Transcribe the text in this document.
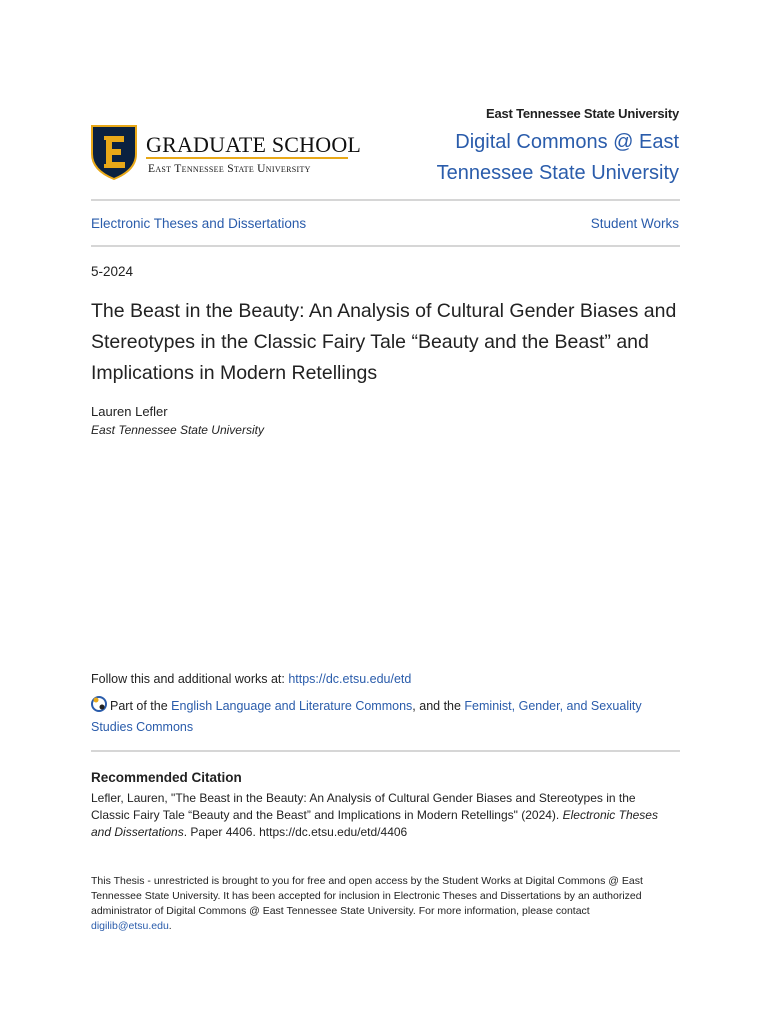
GRADUATE SCHOOL
East Tennessee State University
East Tennessee State University
Digital Commons @ East
Tennessee State University
Electronic Theses and Dissertations	Student Works
5-2024
The Beast in the Beauty: An Analysis of Cultural Gender Biases and Stereotypes in the Classic Fairy Tale “Beauty and the Beast” and Implications in Modern Retellings
Lauren Lefler
East Tennessee State University
Follow this and additional works at: https://dc.etsu.edu/etd
Part of the English Language and Literature Commons, and the Feminist, Gender, and Sexuality Studies Commons
Recommended Citation
Lefler, Lauren, "The Beast in the Beauty: An Analysis of Cultural Gender Biases and Stereotypes in the Classic Fairy Tale “Beauty and the Beast” and Implications in Modern Retellings" (2024). Electronic Theses and Dissertations. Paper 4406. https://dc.etsu.edu/etd/4406
This Thesis - unrestricted is brought to you for free and open access by the Student Works at Digital Commons @ East Tennessee State University. It has been accepted for inclusion in Electronic Theses and Dissertations by an authorized administrator of Digital Commons @ East Tennessee State University. For more information, please contact digilib@etsu.edu.
